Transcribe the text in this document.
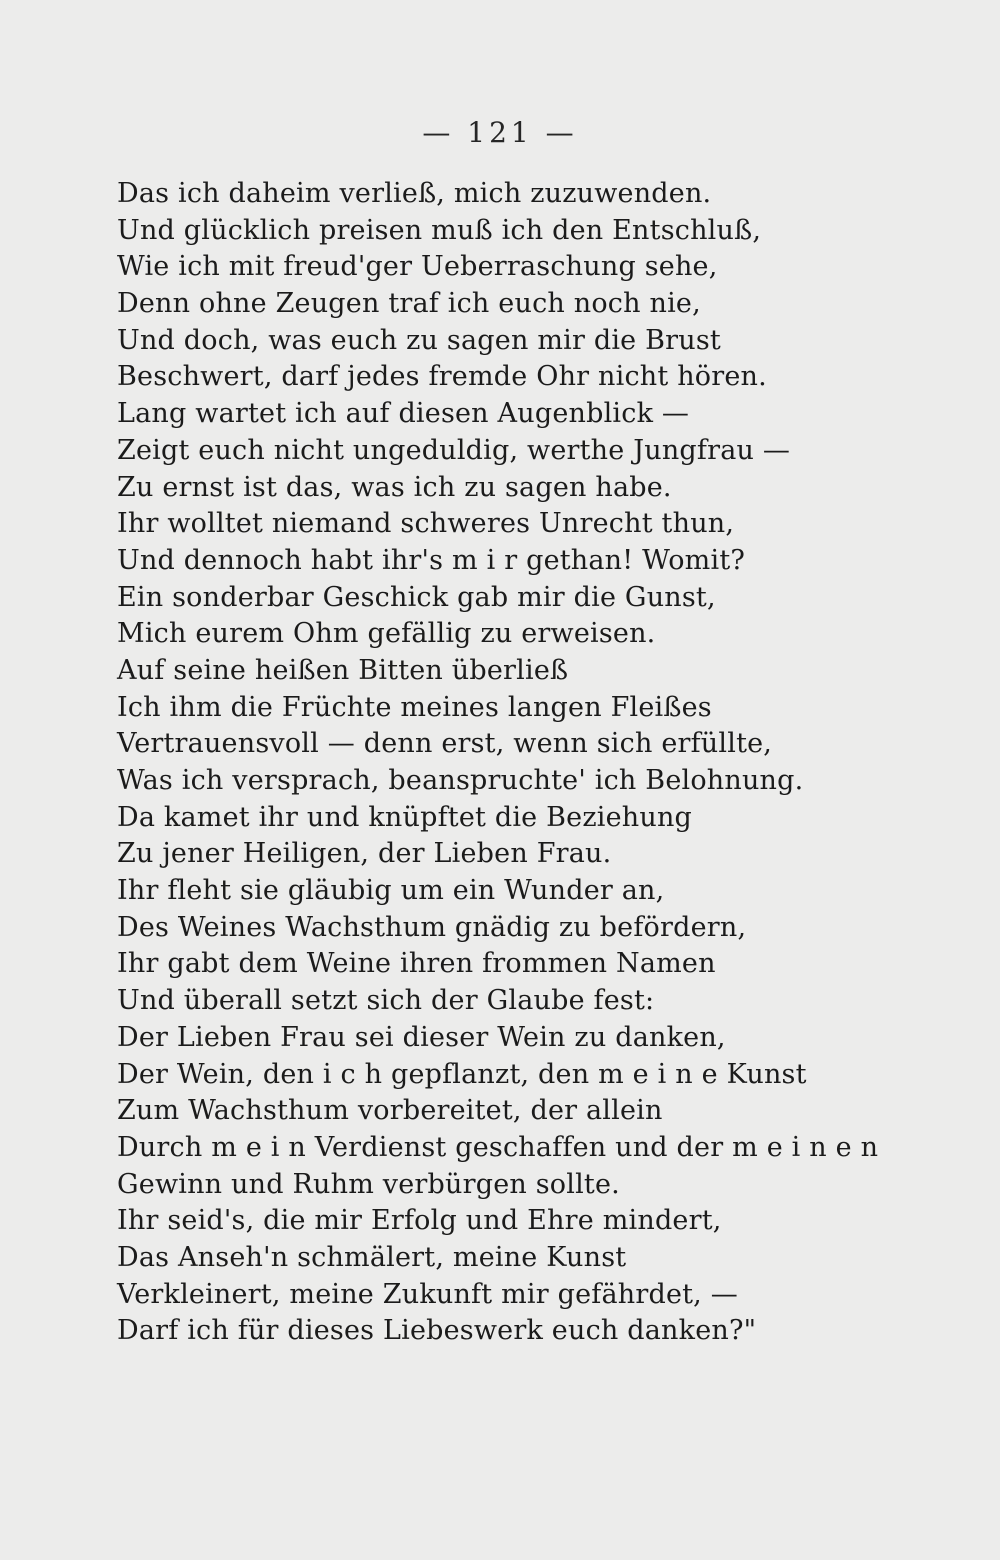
— 121 —
Das ich daheim verließ, mich zuzuwenden.
Und glücklich preisen muß ich den Entschluß,
Wie ich mit freud'ger Ueberraschung sehe,
Denn ohne Zeugen traf ich euch noch nie,
Und doch, was euch zu sagen mir die Brust
Beschwert, darf jedes fremde Ohr nicht hören.
Lang wartet ich auf diesen Augenblick —
Zeigt euch nicht ungeduldig, werthe Jungfrau —
Zu ernst ist das, was ich zu sagen habe.
Ihr wolltet niemand schweres Unrecht thun,
Und dennoch habt ihr's m i r gethan! Womit?
Ein sonderbar Geschick gab mir die Gunst,
Mich eurem Ohm gefällig zu erweisen.
Auf seine heißen Bitten überließ
Ich ihm die Früchte meines langen Fleißes
Vertrauensvoll — denn erst, wenn sich erfüllte,
Was ich versprach, beanspruchte' ich Belohnung.
Da kamet ihr und knüpftet die Beziehung
Zu jener Heiligen, der Lieben Frau.
Ihr fleht sie gläubig um ein Wunder an,
Des Weines Wachsthum gnädig zu befördern,
Ihr gabt dem Weine ihren frommen Namen
Und überall setzt sich der Glaube fest:
Der Lieben Frau sei dieser Wein zu danken,
Der Wein, den i c h gepflanzt, den m e i n e Kunst
Zum Wachsthum vorbereitet, der allein
Durch m e i n Verdienst geschaffen und der m e i n e n
Gewinn und Ruhm verbürgen sollte.
Ihr seid's, die mir Erfolg und Ehre mindert,
Das Anseh'n schmälert, meine Kunst
Verkleinert, meine Zukunft mir gefährdet, —
Darf ich für dieses Liebeswerk euch danken?"
